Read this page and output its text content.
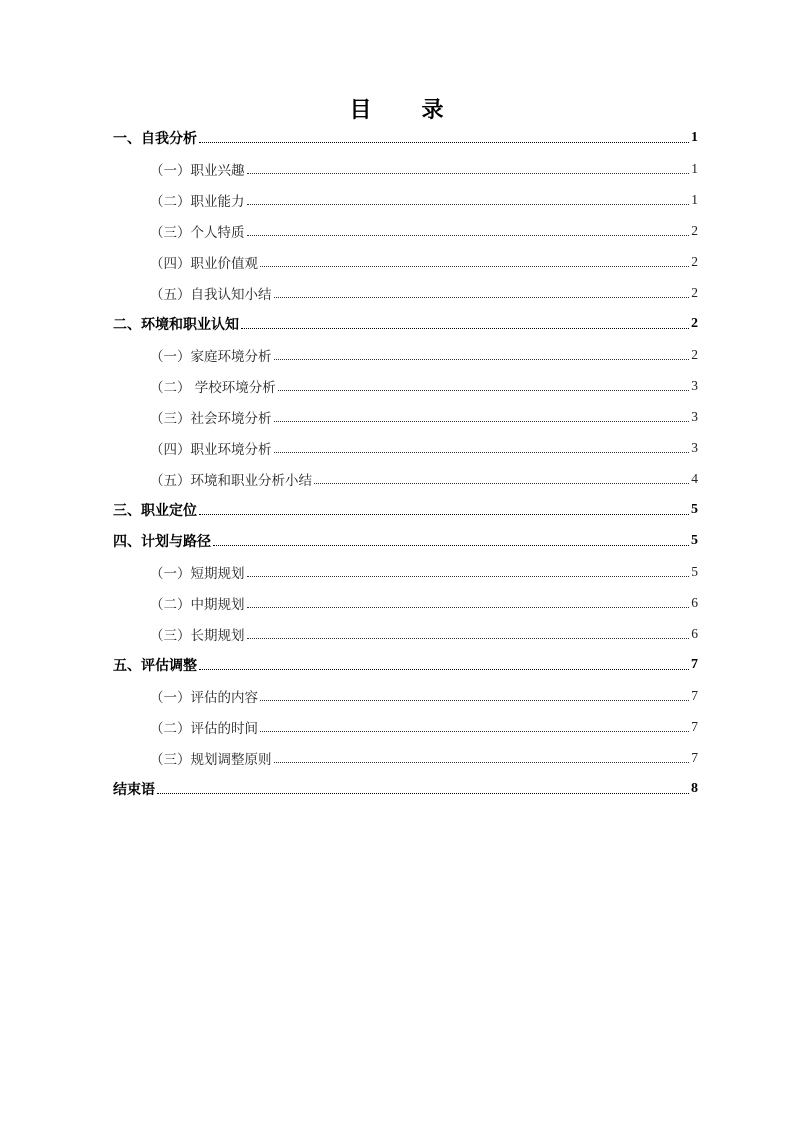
目　录
一、自我分析	1
（一）职业兴趣	1
（二）职业能力	1
（三）个人特质	2
（四）职业价值观	2
（五）自我认知小结	2
二、环境和职业认知	2
（一）家庭环境分析	2
（二） 学校环境分析	3
（三）社会环境分析	3
（四）职业环境分析	3
（五）环境和职业分析小结	4
三、职业定位	5
四、计划与路径	5
（一）短期规划	5
（二）中期规划	6
（三）长期规划	6
五、评估调整	7
（一）评估的内容	7
（二）评估的时间	7
（三）规划调整原则	7
结束语	8
